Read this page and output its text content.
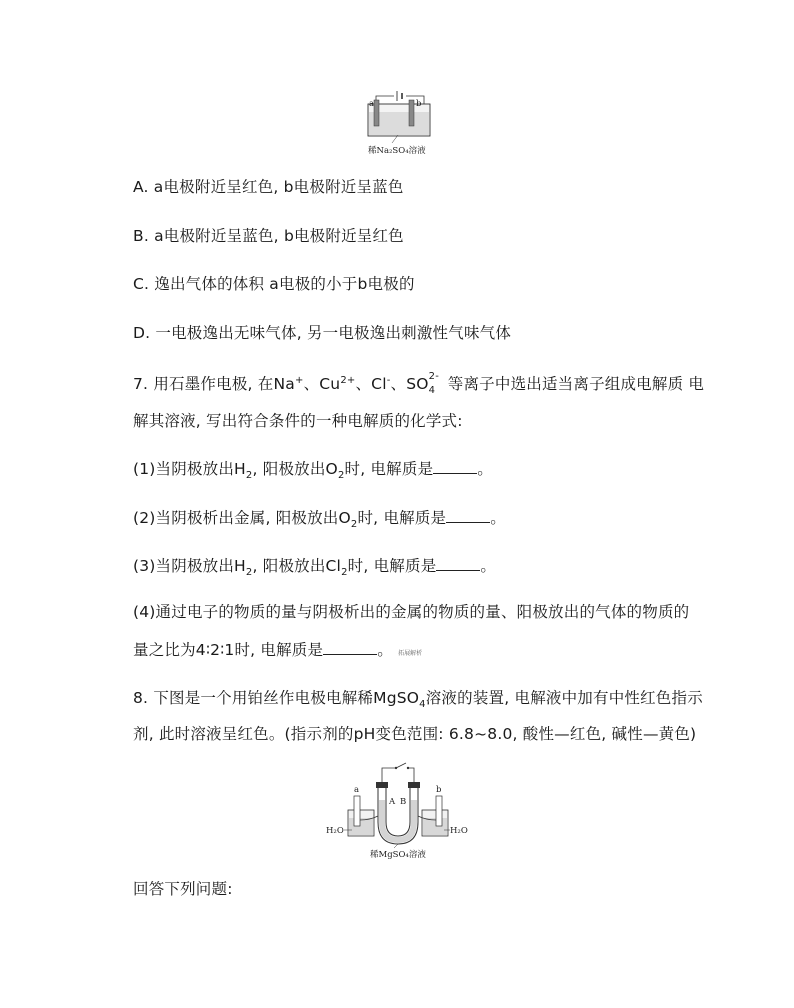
a	b
稀Na₂SO₄溶液
A. a电极附近呈红色, b电极附近呈蓝色
B. a电极附近呈蓝色, b电极附近呈红色
C. 逸出气体的体积 a电极的小于b电极的
D. 一电极逸出无味气体, 另一电极逸出刺激性气味气体
7. 用石墨作电极, 在Na+、$Cu^{2+}$、Cl-、SO 2-
4 等离子中选出适当离子组成电解质 电
解其溶液, 写出符合条件的一种电解质的化学式:
(1)当阴极放出$H_2$, 阳极放出$O_2$时, 电解质是	。
(2)当阴极析出金属, 阳极放出$O_2$时, 电解质是	。
(3)当阴极放出$H_2$, 阳极放出$Cl_2$时, 电解质是	。
(4)通过电子的物质的量与阴极析出的金属的物质的量、阳极放出的气体的物质的
量之比为4∶2∶1时, 电解质是	。 拓展解析
8. 下图是一个用铂丝作电极电解稀MgSO$_4$溶液的装置, 电解液中加有中性红色指示
剂, 此时溶液呈红色。(指示剂的pH变色范围: 6.8~8.0, 酸性—红色, 碱性—黄色)
A B
a
H₂O
b
H₂O
稀MgSO₄溶液
回答下列问题:
